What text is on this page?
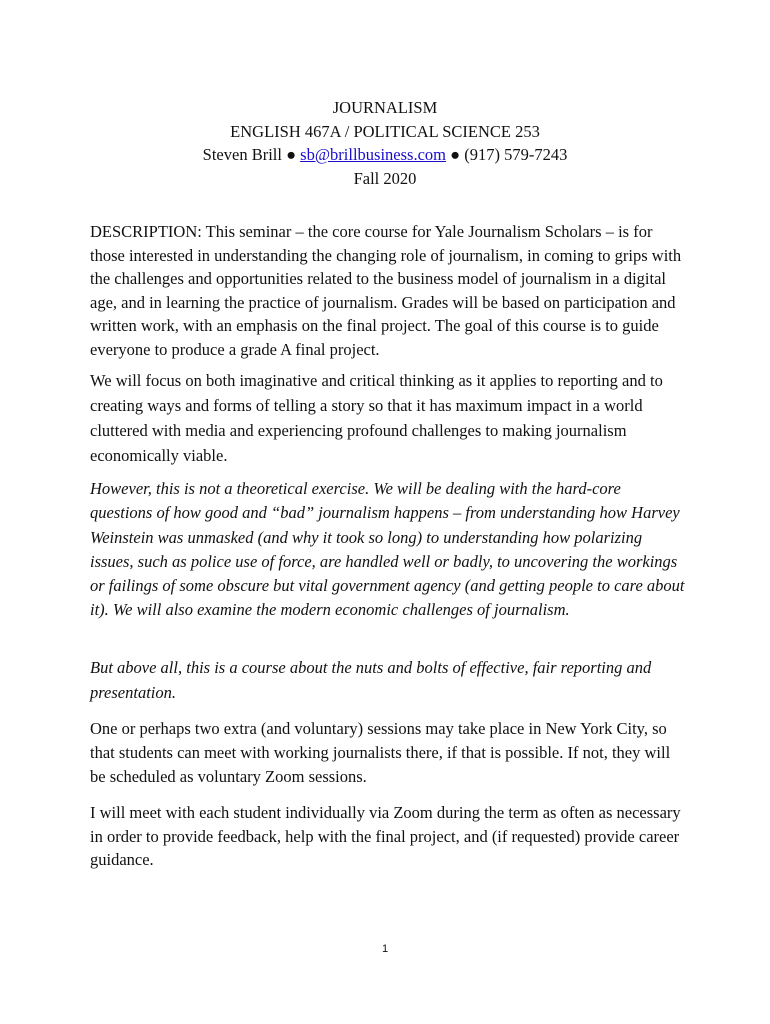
JOURNALISM
ENGLISH 467A / POLITICAL SCIENCE 253
Steven Brill ● sb@brillbusiness.com ● (917) 579-7243
Fall 2020

DESCRIPTION: This seminar – the core course for Yale Journalism Scholars – is for those interested in understanding the changing role of journalism, in coming to grips with the challenges and opportunities related to the business model of journalism in a digital age, and in learning the practice of journalism. Grades will be based on participation and written work, with an emphasis on the final project. The goal of this course is to guide everyone to produce a grade A final project.

We will focus on both imaginative and critical thinking as it applies to reporting and to creating ways and forms of telling a story so that it has maximum impact in a world cluttered with media and experiencing profound challenges to making journalism economically viable.

However, this is not a theoretical exercise. We will be dealing with the hard-core questions of how good and “bad” journalism happens – from understanding how Harvey Weinstein was unmasked (and why it took so long) to understanding how polarizing issues, such as police use of force, are handled well or badly, to uncovering the workings or failings of some obscure but vital government agency (and getting people to care about it). We will also examine the modern economic challenges of journalism.

But above all, this is a course about the nuts and bolts of effective, fair reporting and presentation.

One or perhaps two extra (and voluntary) sessions may take place in New York City, so that students can meet with working journalists there, if that is possible. If not, they will be scheduled as voluntary Zoom sessions.

I will meet with each student individually via Zoom during the term as often as necessary in order to provide feedback, help with the final project, and (if requested) provide career guidance.

1
